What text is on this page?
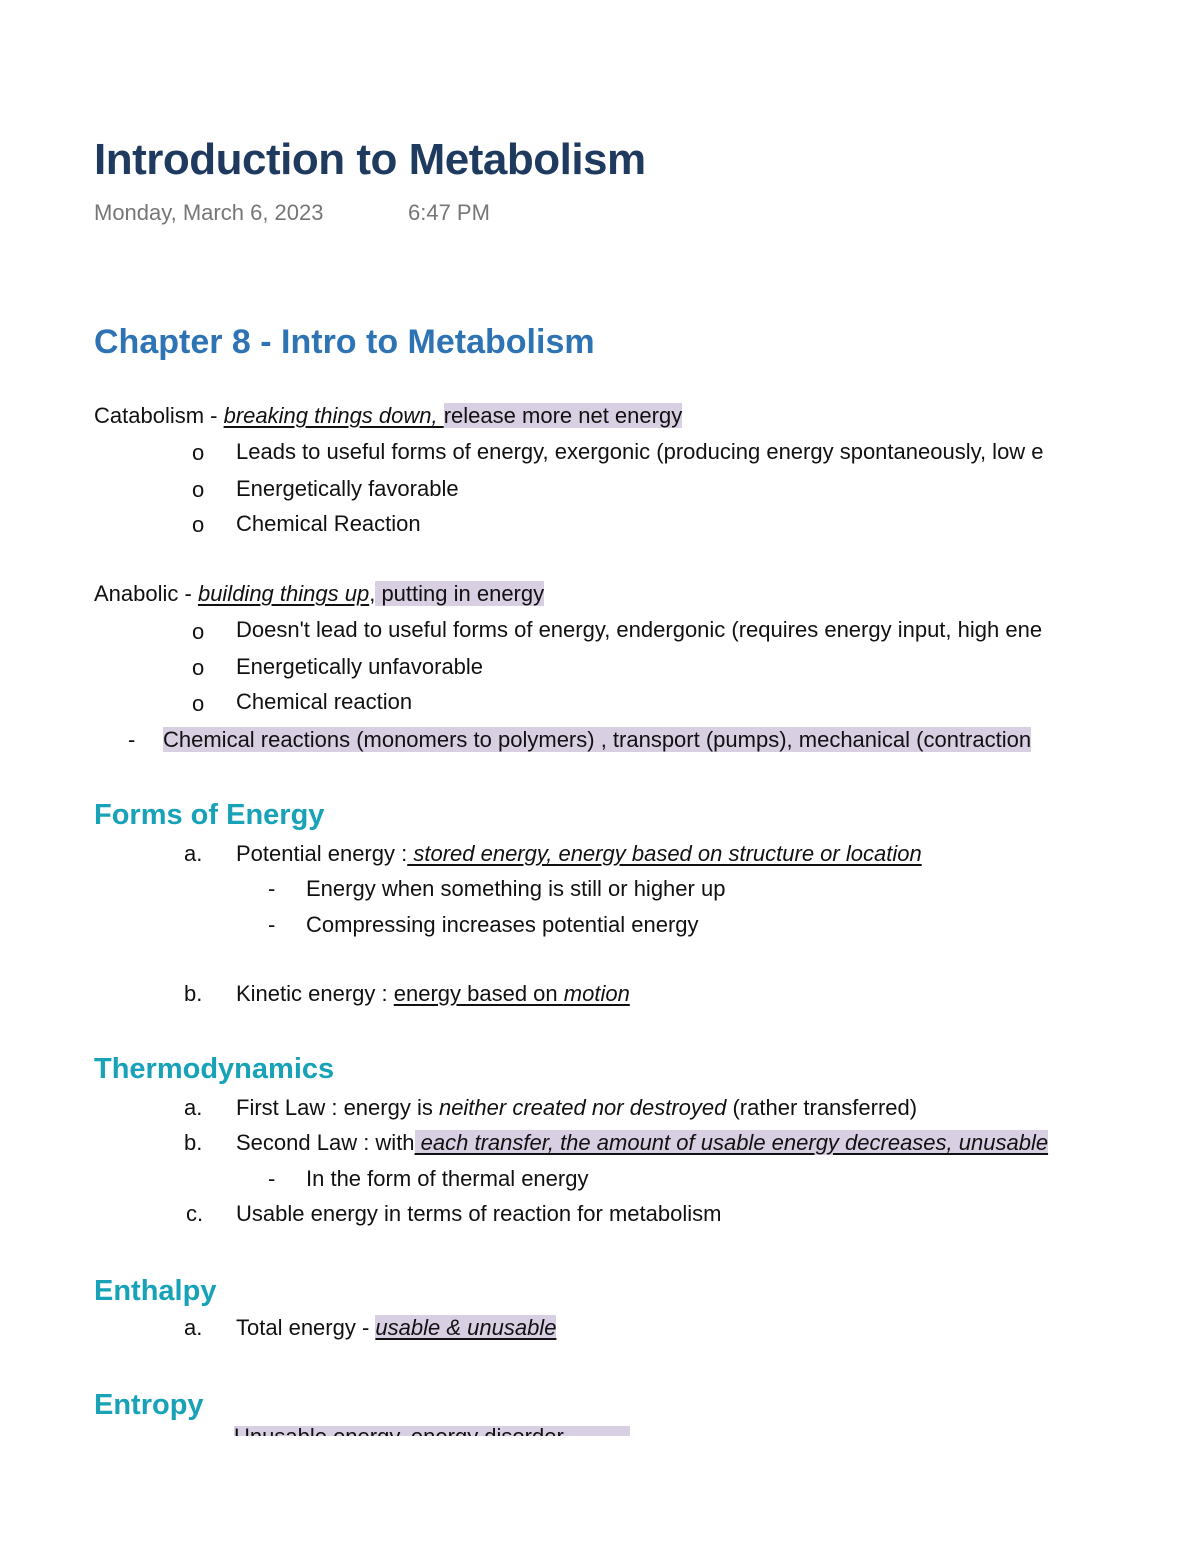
Introduction to Metabolism
Monday, March 6, 2023	6:47 PM
Chapter 8 - Intro to Metabolism
Catabolism - breaking things down, release more net energy
o Leads to useful forms of energy, exergonic (producing energy spontaneously, low e
o Energetically favorable
o Chemical Reaction
Anabolic - building things up, putting in energy
o Doesn't lead to useful forms of energy, endergonic (requires energy input, high ene
o Energetically unfavorable
o Chemical reaction
- Chemical reactions (monomers to polymers) , transport (pumps), mechanical (contraction
Forms of Energy
a. Potential energy : stored energy, energy based on structure or location
- Energy when something is still or higher up
- Compressing increases potential energy
b. Kinetic energy : energy based on motion
Thermodynamics
a. First Law : energy is neither created nor destroyed (rather transferred)
b. Second Law : with each transfer, the amount of usable energy decreases, unusable
- In the form of thermal energy
c. Usable energy in terms of reaction for metabolism
Enthalpy
a. Total energy - usable & unusable
Entropy
